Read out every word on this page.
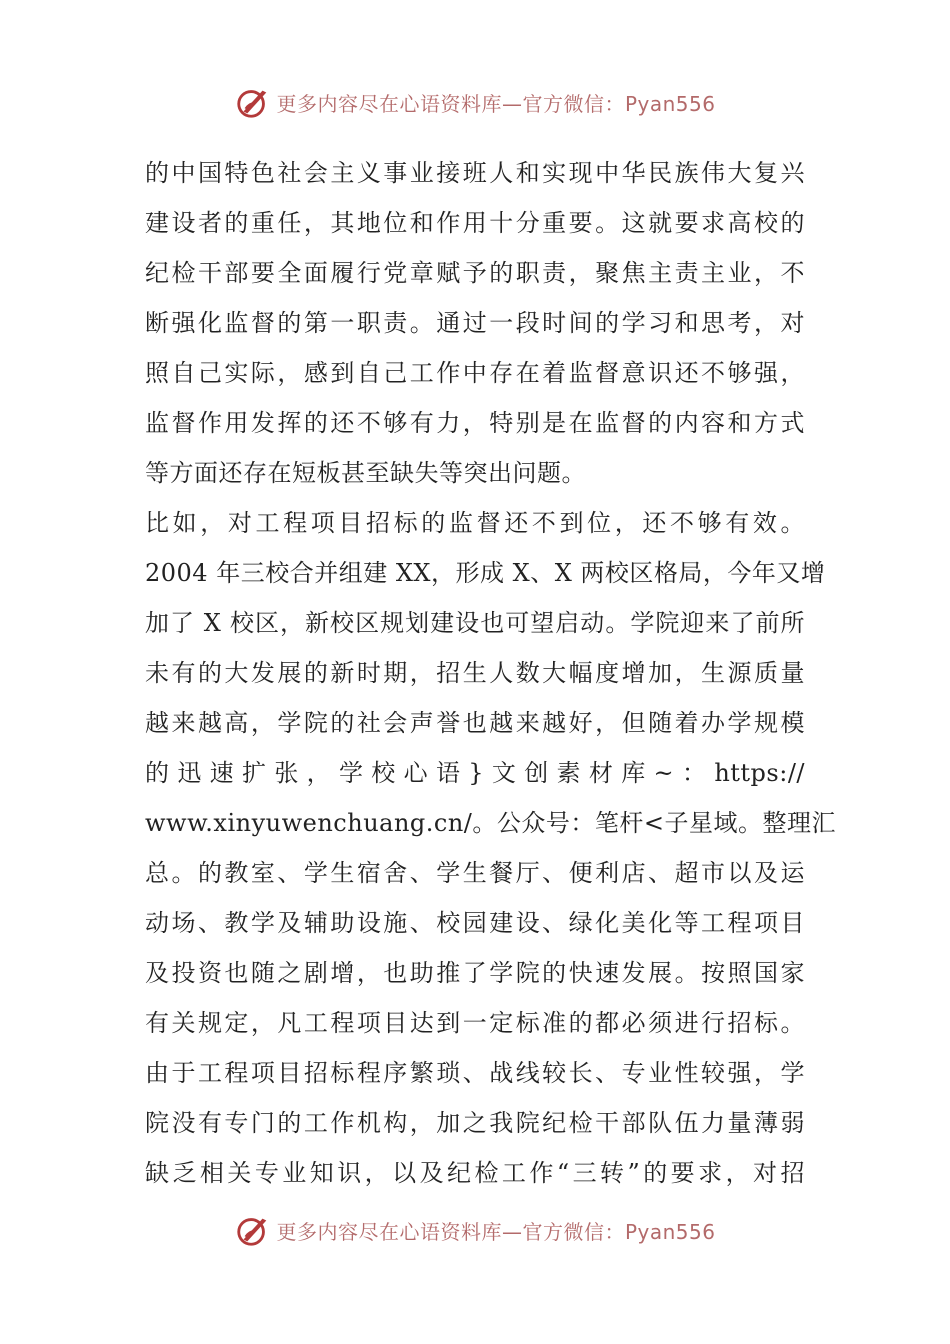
更多内容尽在心语资料库—官方微信：Pyan556
的中国特色社会主义事业接班人和实现中华民族伟大复兴
建设者的重任，其地位和作用十分重要。这就要求高校的
纪检干部要全面履行党章赋予的职责，聚焦主责主业，不
断强化监督的第一职责。通过一段时间的学习和思考，对
照自己实际，感到自己工作中存在着监督意识还不够强，
监督作用发挥的还不够有力，特别是在监督的内容和方式
等方面还存在短板甚至缺失等突出问题。
比如，对工程项目招标的监督还不到位，还不够有效。
2004 年三校合并组建 XX，形成 X、X 两校区格局，今年又增
加了 X 校区，新校区规划建设也可望启动。学院迎来了前所
未有的大发展的新时期，招生人数大幅度增加，生源质量
越来越高，学院的社会声誉也越来越好，但随着办学规模
的迅速扩张，学校心语}文创素材库~：https://
www.xinyuwenchuang.cn/。公众号：笔杆<子星域。整理汇
总。的教室、学生宿舍、学生餐厅、便利店、超市以及运
动场、教学及辅助设施、校园建设、绿化美化等工程项目
及投资也随之剧增，也助推了学院的快速发展。按照国家
有关规定，凡工程项目达到一定标准的都必须进行招标。
由于工程项目招标程序繁琐、战线较长、专业性较强，学
院没有专门的工作机构，加之我院纪检干部队伍力量薄弱
缺乏相关专业知识，以及纪检工作“三转”的要求，对招
更多内容尽在心语资料库—官方微信：Pyan556
